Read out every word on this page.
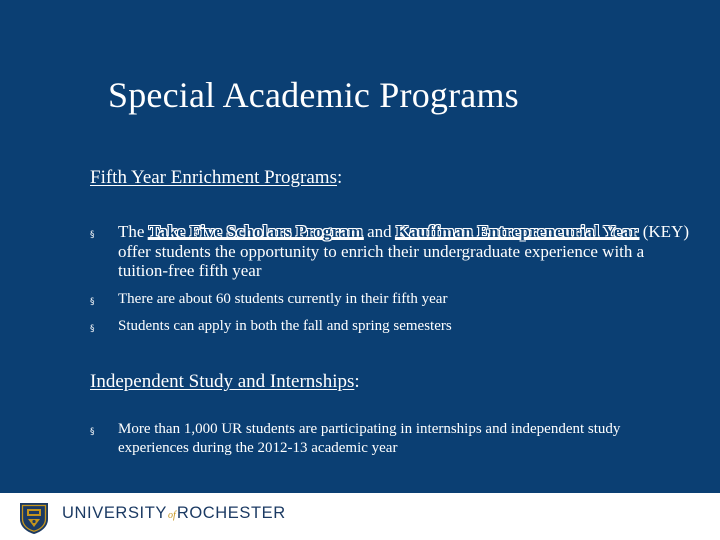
Special Academic Programs
Fifth Year Enrichment Programs:
§ The Take Five Scholars Program and Kauffman Entrepreneurial Year (KEY) offer students the opportunity to enrich their undergraduate experience with a tuition-free fifth year
§ There are about 60 students currently in their fifth year
§ Students can apply in both the fall and spring semesters
Independent Study and Internships:
§ More than 1,000 UR students are participating in internships and independent study experiences during the 2012-13 academic year
UNIVERSITYofROCHESTER
